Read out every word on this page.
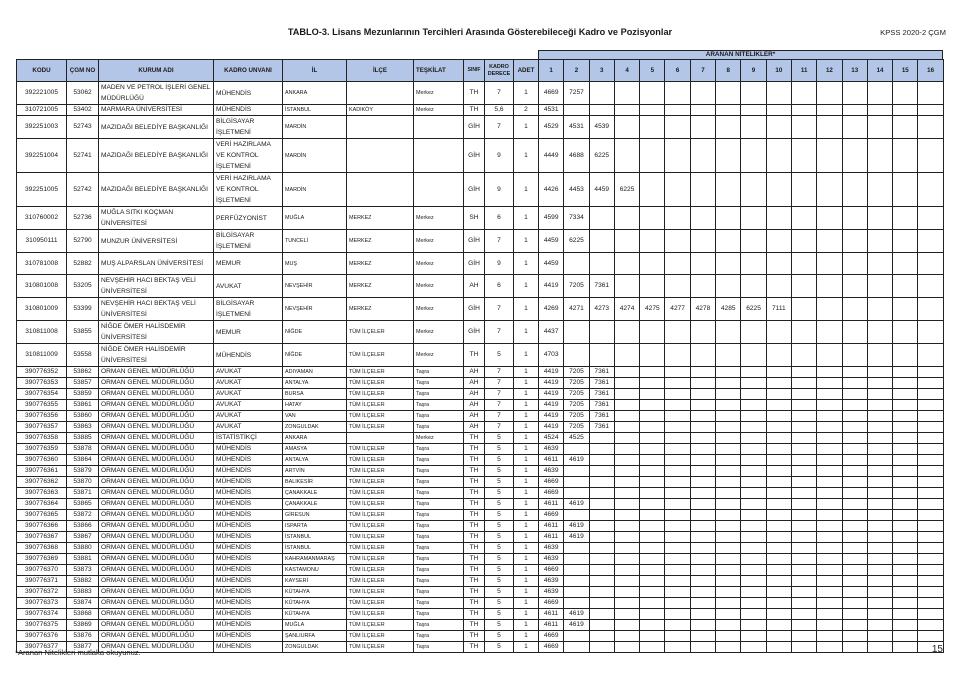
TABLO-3. Lisans Mezunlarının Tercihleri Arasında Gösterebileceği Kadro ve Pozisyonlar	KPSS 2020-2 ÇGM
ARANAN NİTELİKLER*
KODU	ÇGM NO	KURUM ADI	KADRO UNVANI	İL	İLÇE	TEŞKİLAT	SINIF	KADRO DERECE	ADET	1	2	3	4	5	6	7	8	9	10	11	12	13	14	15	16
392221005	53062	MADEN VE PETROL İŞLERİ GENEL MÜDÜRLÜĞÜ	MÜHENDİS	ANKARA		Merkez	TH	7	1	4669	7257														
310721005	53402	MARMARA ÜNİVERSİTESİ	MÜHENDİS	İSTANBUL	KADIKÖY	Merkez	TH	5,6	2	4531															
392251003	52743	MAZIDAĞI BELEDİYE BAŞKANLIĞI	BİLGİSAYAR İŞLETMENİ	MARDİN			GİH	7	1	4529	4531	4539													
392251004	52741	MAZIDAĞI BELEDİYE BAŞKANLIĞI	VERİ HAZIRLAMA VE KONTROL İŞLETMENİ	MARDİN			GİH	9	1	4449	4688	6225													
392251005	52742	MAZIDAĞI BELEDİYE BAŞKANLIĞI	VERİ HAZIRLAMA VE KONTROL İŞLETMENİ	MARDİN			GİH	9	1	4426	4453	4459	6225												
310760002	52736	MUĞLA SITKI KOÇMAN ÜNİVERSİTESİ	PERFÜZYONİST	MUĞLA	MERKEZ	Merkez	SH	6	1	4599	7334														
310950111	52790	MUNZUR ÜNİVERSİTESİ	BİLGİSAYAR İŞLETMENİ	TUNCELİ	MERKEZ	Merkez	GİH	7	1	4459	6225														
310781008	52882	MUŞ ALPARSLAN ÜNİVERSİTESİ	MEMUR	MUŞ	MERKEZ	Merkez	GİH	9	1	4459															
310801008	53205	NEVŞEHİR HACI BEKTAŞ VELİ ÜNİVERSİTESİ	AVUKAT	NEVŞEHİR	MERKEZ	Merkez	AH	6	1	4419	7205	7361													
310801009	53399	NEVŞEHİR HACI BEKTAŞ VELİ ÜNİVERSİTESİ	BİLGİSAYAR İŞLETMENİ	NEVŞEHİR	MERKEZ	Merkez	GİH	7	1	4269	4271	4273	4274	4275	4277	4278	4285	6225	7111						
310811008	53855	NİĞDE ÖMER HALİSDEMİR ÜNİVERSİTESİ	MEMUR	NİĞDE	TÜM İLÇELER	Merkez	GİH	7	1	4437															
310811009	53558	NİĞDE ÖMER HALİSDEMİR ÜNİVERSİTESİ	MÜHENDİS	NİĞDE	TÜM İLÇELER	Merkez	TH	5	1	4703															
390776352	53862	ORMAN GENEL MÜDÜRLÜĞÜ	AVUKAT	ADIYAMAN	TÜM İLÇELER	Taşra	AH	7	1	4419	7205	7361													
390776353	53857	ORMAN GENEL MÜDÜRLÜĞÜ	AVUKAT	ANTALYA	TÜM İLÇELER	Taşra	AH	7	1	4419	7205	7361													
390776354	53859	ORMAN GENEL MÜDÜRLÜĞÜ	AVUKAT	BURSA	TÜM İLÇELER	Taşra	AH	7	1	4419	7205	7361													
390776355	53861	ORMAN GENEL MÜDÜRLÜĞÜ	AVUKAT	HATAY	TÜM İLÇELER	Taşra	AH	7	1	4419	7205	7361													
390776356	53860	ORMAN GENEL MÜDÜRLÜĞÜ	AVUKAT	VAN	TÜM İLÇELER	Taşra	AH	7	1	4419	7205	7361													
390776357	53863	ORMAN GENEL MÜDÜRLÜĞÜ	AVUKAT	ZONGULDAK	TÜM İLÇELER	Taşra	AH	7	1	4419	7205	7361													
390776358	53885	ORMAN GENEL MÜDÜRLÜĞÜ	İSTATİSTİKÇİ	ANKARA		Merkez	TH	5	1	4524	4525														
390776359	53878	ORMAN GENEL MÜDÜRLÜĞÜ	MÜHENDİS	AMASYA	TÜM İLÇELER	Taşra	TH	5	1	4639															
390776360	53864	ORMAN GENEL MÜDÜRLÜĞÜ	MÜHENDİS	ANTALYA	TÜM İLÇELER	Taşra	TH	5	1	4611	4619														
390776361	53879	ORMAN GENEL MÜDÜRLÜĞÜ	MÜHENDİS	ARTVİN	TÜM İLÇELER	Taşra	TH	5	1	4639															
390776362	53870	ORMAN GENEL MÜDÜRLÜĞÜ	MÜHENDİS	BALIKESİR	TÜM İLÇELER	Taşra	TH	5	1	4669															
390776363	53871	ORMAN GENEL MÜDÜRLÜĞÜ	MÜHENDİS	ÇANAKKALE	TÜM İLÇELER	Taşra	TH	5	1	4669															
390776364	53865	ORMAN GENEL MÜDÜRLÜĞÜ	MÜHENDİS	ÇANAKKALE	TÜM İLÇELER	Taşra	TH	5	1	4611	4619														
390776365	53872	ORMAN GENEL MÜDÜRLÜĞÜ	MÜHENDİS	GİRESUN	TÜM İLÇELER	Taşra	TH	5	1	4669															
390776366	53866	ORMAN GENEL MÜDÜRLÜĞÜ	MÜHENDİS	ISPARTA	TÜM İLÇELER	Taşra	TH	5	1	4611	4619														
390776367	53867	ORMAN GENEL MÜDÜRLÜĞÜ	MÜHENDİS	İSTANBUL	TÜM İLÇELER	Taşra	TH	5	1	4611	4619														
390776368	53880	ORMAN GENEL MÜDÜRLÜĞÜ	MÜHENDİS	İSTANBUL	TÜM İLÇELER	Taşra	TH	5	1	4639															
390776369	53881	ORMAN GENEL MÜDÜRLÜĞÜ	MÜHENDİS	KAHRAMANMARAŞ	TÜM İLÇELER	Taşra	TH	5	1	4639															
390776370	53873	ORMAN GENEL MÜDÜRLÜĞÜ	MÜHENDİS	KASTAMONU	TÜM İLÇELER	Taşra	TH	5	1	4669															
390776371	53882	ORMAN GENEL MÜDÜRLÜĞÜ	MÜHENDİS	KAYSERİ	TÜM İLÇELER	Taşra	TH	5	1	4639															
390776372	53883	ORMAN GENEL MÜDÜRLÜĞÜ	MÜHENDİS	KÜTAHYA	TÜM İLÇELER	Taşra	TH	5	1	4639															
390776373	53874	ORMAN GENEL MÜDÜRLÜĞÜ	MÜHENDİS	KÜTAHYA	TÜM İLÇELER	Taşra	TH	5	1	4669															
390776374	53868	ORMAN GENEL MÜDÜRLÜĞÜ	MÜHENDİS	KÜTAHYA	TÜM İLÇELER	Taşra	TH	5	1	4611	4619														
390776375	53869	ORMAN GENEL MÜDÜRLÜĞÜ	MÜHENDİS	MUĞLA	TÜM İLÇELER	Taşra	TH	5	1	4611	4619														
390776376	53876	ORMAN GENEL MÜDÜRLÜĞÜ	MÜHENDİS	ŞANLIURFA	TÜM İLÇELER	Taşra	TH	5	1	4669															
390776377	53877	ORMAN GENEL MÜDÜRLÜĞÜ	MÜHENDİS	ZONGULDAK	TÜM İLÇELER	Taşra	TH	5	1	4669															
*Aranan Nitelikleri mutlaka okuyunuz.	15
